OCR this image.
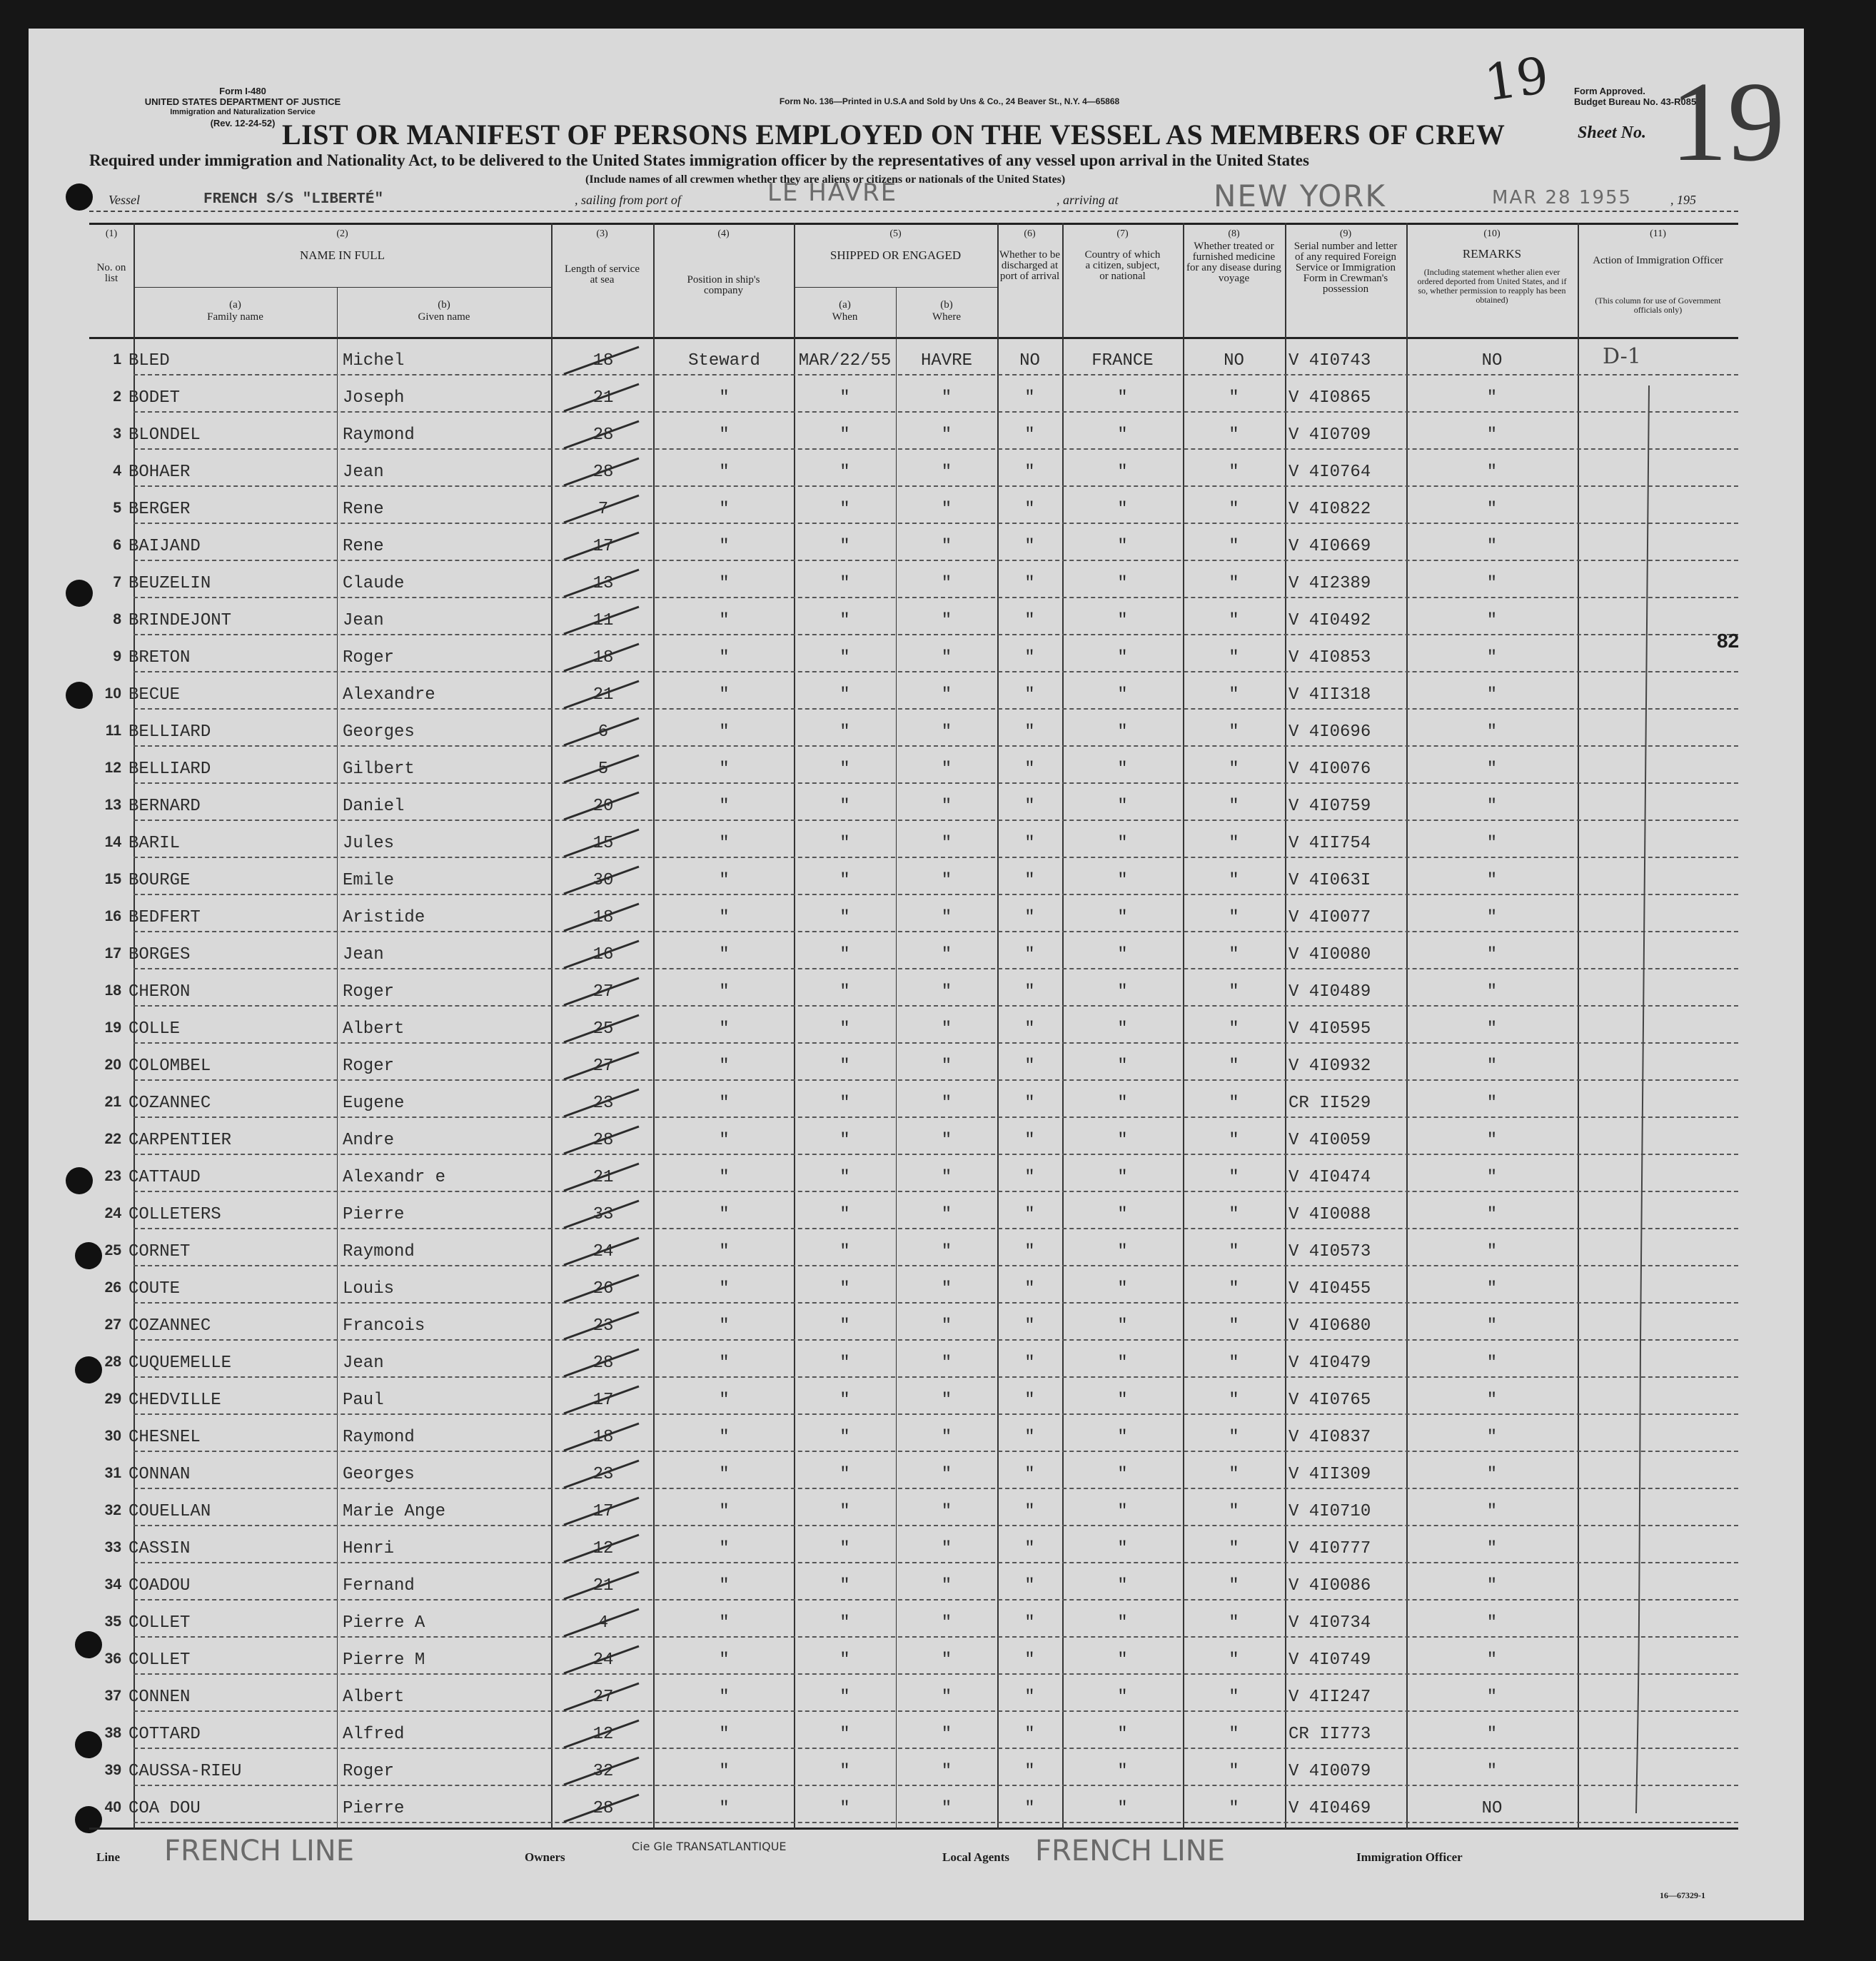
Form I-480
UNITED STATES DEPARTMENT OF JUSTICE
Immigration and Naturalization Service
(Rev. 12-24-52)
Form No. 136—Printed in U.S.A and Sold by Uns & Co., 24 Beaver St., N.Y. 4—65868	19 Form Approved.
Budget Bureau No. 43-R085.5
Sheet No. 19
LIST OR MANIFEST OF PERSONS EMPLOYED ON THE VESSEL AS MEMBERS OF CREW
Required under immigration and Nationality Act, to be delivered to the United States immigration officer by the representatives of any vessel upon arrival in the United States
(Include names of all crewmen whether they are aliens or citizens or nationals of the United States)
Vessel	FRENCH S/S "LIBERTÉ"	, sailing from port of	LE HAVRE	, arriving at	NEW YORK	MAR 28 1955	, 195
(1)
No. on list
(2)
NAME IN FULL
(a)
Family name
(b)
Given name
(3)
Length of service at sea
(4)
Position in ship's company
(5)
SHIPPED OR ENGAGED
(a)
When
(b)
Where
(6)
Whether to be discharged at port of arrival
(7)
Country of which a citizen, subject, or national
(8)
Whether treated or furnished medicine for any disease during voyage
(9)
Serial number and letter of any required Foreign Service or Immigration Form in Crewman's possession
(10)
REMARKS
(Including statement whether alien ever ordered deported from United States, and if so, whether permission to reapply has been obtained)
(11)
Action of Immigration Officer
(This column for use of Government officials only)
1 BLED	Michel	18	Steward	MAR/22/55	HAVRE	NO	FRANCE	NO	V 4I0743	NO	D-1
2 BODET	Joseph	21	"	"	"	"	"	"	V 4I0865	"
3 BLONDEL	Raymond	28	"	"	"	"	"	"	V 4I0709	"
4 BOHAER	Jean	28	"	"	"	"	"	"	V 4I0764	"
5 BERGER	Rene	7	"	"	"	"	"	"	V 4I0822	"
6 BAIJAND	Rene	17	"	"	"	"	"	"	V 4I0669	"
7 BEUZELIN	Claude	13	"	"	"	"	"	"	V 4I2389	"
8 BRINDEJONT	Jean	11	"	"	"	"	"	"	V 4I0492	"
9 BRETON	Roger	18	"	"	"	"	"	"	V 4I0853	"
10 BECUE	Alexandre	21	"	"	"	"	"	"	V 4II318	"
11 BELLIARD	Georges	6	"	"	"	"	"	"	V 4I0696	"
12 BELLIARD	Gilbert	5	"	"	"	"	"	"	V 4I0076	"
13 BERNARD	Daniel	20	"	"	"	"	"	"	V 4I0759	"
14 BARIL	Jules	15	"	"	"	"	"	"	V 4II754	"
15 BOURGE	Emile	30	"	"	"	"	"	"	V 4I063I	"
16 BEDFERT	Aristide	18	"	"	"	"	"	"	V 4I0077	"
17 BORGES	Jean	16	"	"	"	"	"	"	V 4I0080	"
18 CHERON	Roger	27	"	"	"	"	"	"	V 4I0489	"
19 COLLE	Albert	25	"	"	"	"	"	"	V 4I0595	"
20 COLOMBEL	Roger	27	"	"	"	"	"	"	V 4I0932	"
21 COZANNEC	Eugene	23	"	"	"	"	"	"	CR II529	"
22 CARPENTIER	Andre	28	"	"	"	"	"	"	V 4I0059	"
23 CATTAUD	Alexandr e	21	"	"	"	"	"	"	V 4I0474	"
24 COLLETERS	Pierre	33	"	"	"	"	"	"	V 4I0088	"
25 CORNET	Raymond	24	"	"	"	"	"	"	V 4I0573	"
26 COUTE	Louis	26	"	"	"	"	"	"	V 4I0455	"
27 COZANNEC	Francois	23	"	"	"	"	"	"	V 4I0680	"
28 CUQUEMELLE	Jean	28	"	"	"	"	"	"	V 4I0479	"
29 CHEDVILLE	Paul	17	"	"	"	"	"	"	V 4I0765	"
30 CHESNEL	Raymond	18	"	"	"	"	"	"	V 4I0837	"
31 CONNAN	Georges	23	"	"	"	"	"	"	V 4II309	"
32 COUELLAN	Marie Ange	17	"	"	"	"	"	"	V 4I0710	"
33 CASSIN	Henri	12	"	"	"	"	"	"	V 4I0777	"
34 COADOU	Fernand	21	"	"	"	"	"	"	V 4I0086	"
35 COLLET	Pierre A	4	"	"	"	"	"	"	V 4I0734	"
36 COLLET	Pierre M	24	"	"	"	"	"	"	V 4I0749	"
37 CONNEN	Albert	27	"	"	"	"	"	"	V 4II247	"
38 COTTARD	Alfred	12	"	"	"	"	"	"	CR II773	"
39 CAUSSA-RIEU	Roger	32	"	"	"	"	"	"	V 4I0079	"
40 COA DOU	Pierre	28	"	"	"	"	"	"	V 4I0469	NO
82
Line FRENCH LINE	Owners
Cie Gle TRANSATLANTIQUE
Local Agents FRENCH LINE	Immigration Officer
16—67329-1
